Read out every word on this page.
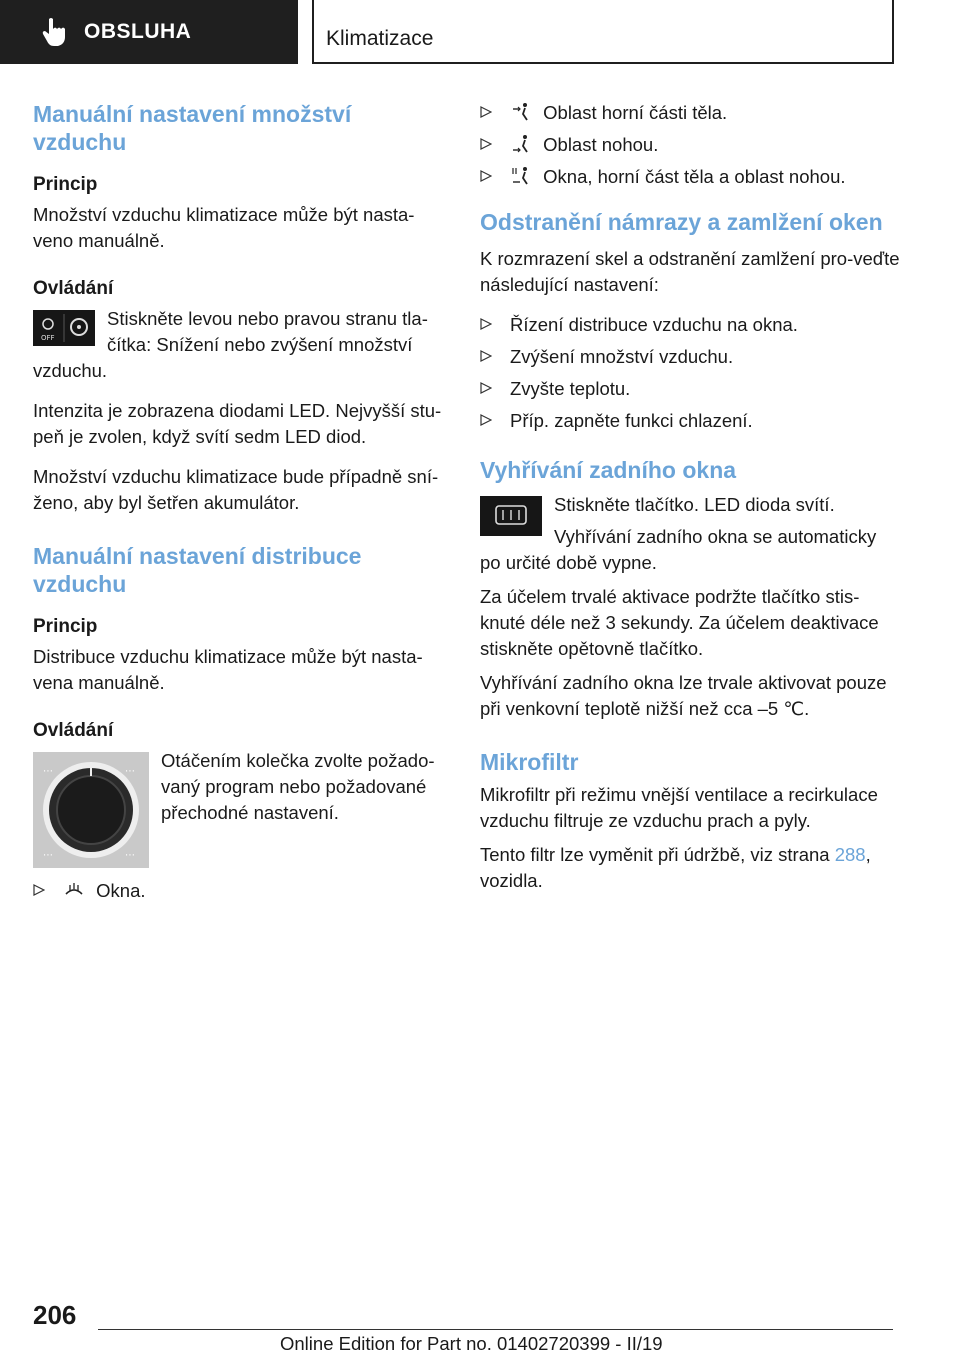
OBSLUHA	Klimatizace
Manuální nastavení množství vzduchu
Princip

Množství vzduchu klimatizace může být nasta-veno manuálně.

Ovládání
OFF

Stiskněte levou nebo pravou stranu tla-čítka: Snížení nebo zvýšení množství vzduchu.

Intenzita je zobrazena diodami LED. Nejvyšší stu-peň je zvolen, když svítí sedm LED diod.

Množství vzduchu klimatizace bude případně sní-ženo, aby byl šetřen akumulátor.

Manuální nastavení distribuce vzduchu
Princip

Distribuce vzduchu klimatizace může být nasta-vena manuálně.

Ovládání
⋯	⋯
⋯	⋯

Otáčením kolečka zvolte požado-vaný program nebo požadované přechodné nastavení.

Okna.
Oblast horní části těla.
Oblast nohou.
Okna, horní část těla a oblast nohou.
Odstranění námrazy a zamlžení oken

K rozmrazení skel a odstranění zamlžení pro-veďte následující nastavení:

Řízení distribuce vzduchu na okna.
Zvýšení množství vzduchu.
Zvyšte teplotu.
Příp. zapněte funkci chlazení.
Vyhřívání zadního okna

Stiskněte tlačítko. LED dioda svítí.

Vyhřívání zadního okna se automaticky po určité době vypne.

Za účelem trvalé aktivace podržte tlačítko stis-knuté déle než 3 sekundy. Za účelem deaktivace stiskněte opětovně tlačítko.

Vyhřívání zadního okna lze trvale aktivovat pouze při venkovní teplotě nižší než cca –5 ℃.

Mikrofiltr

Mikrofiltr při režimu vnější ventilace a recirkulace vzduchu filtruje ze vzduchu prach a pyly.

Tento filtr lze vyměnit při údržbě, viz strana 288, vozidla.

206
Online Edition for Part no. 01402720399 - II/19
